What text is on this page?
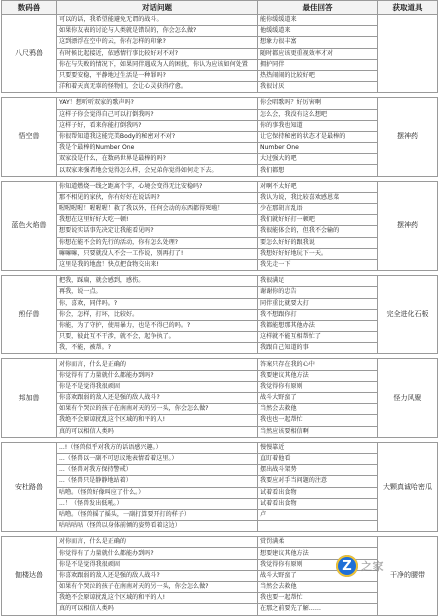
数码兽	对话问题	最佳回答	获取道具
八尺鸦兽	可以的话，我希望能避免无谓的战斗。	能你缓缓道来	
	如果你友表的讨论与人类就是错误的，你会怎么做?	他缓缓道来	
	这到漂浮在空中的云，你有怎样的印象?	想象力很丰富	
	有时候比起接近，依感情行事比较好对不对?	随时都应该更重视效率才对	
	你在与失败的情况下，如果同伴遇成为人的困扰，你认为应该如何处置	拥护同伴	
	只要要安稳，平静地过生活是一种罪吗?	热热闹闹的比较好吧	
	洋和着天真无辜的怪物们，会让心灵获得疗愈。	我很讨厌	

悟空兽	YAY！想听听双家的歌声吗?	你会唱歌吗？好厉害啊	摆神药
	这样子你会觉得自己可以打倒我吗?	怎么会，我没有这么想吧	
	这样子好，看来你能打倒我吗?	你的事我也知道	
	你很帮知道我这能完美Body的秘密对不对?	让它保持秘密的状态才是最棒的	
	我是个最棒的Number One	Number One	
	双家没是什么，在数码世界是最棒的吗?	大过强大的吧	
	以双家来强者地会觉得怎么样，会兄弟你觉得如何走下去。	我们都想	

蓝色火焰兽	你知道燃烧一线之距离个字，心境会变得无比安稳吗?	对啊不太好吧	摆神药
	那不相见的家伙，你有好好在说话吗?	我认为说，我比较喜欢感恩菜	
	喔喔喔喔！喔喔喔！救了我以外，任何会动的东西都得死啦！	少在那胡言乱语	
	我想在这里好好大吃一顿!	我们就好好打一顿吧	
	想要说实话事先决定让我能看见吗?	我很能体会的，但我不会输的	
	你想在能不会的先行的活动，你有怎么处理?	要怎么好好的跟我说	
	嘛嘛嘛，只要就没人不会一工作说，别再打了!	我想好好好地玩下一天。	
	这里是我的地盘！快点把食物交出来!	我先走一下	

煎仔兽	把我，踩扁，就会感到，感伤。	我很满足	完全进化石板
	再我，说一点。	谢谢你的忠告	
	你，喜欢，同伴吗。?	同伴重比就要大打	
	你会，怎样，打坏，比较好。	我不想跟你打	
	你能，为了守护，使用暴力，也是不得已的吗。?	我都能想那其他办法	
	只要，彼此互不干涉，就不会，起争执了。	这样就不能互相帮忙了	
	我，不能，被帮。?	我跟自己知道的事	

邦加兽	对你而言，什么是正确的	答案只存在我的心中	怪力风聚
	你觉得有了力量就什么都能办到吗?	我要建议其他方法	
	你是不是觉得我很顽固	我觉得你有原则	
	你喜欢跟弱的敌人还是强的敌人战斗?	战斗大野蛮了	
	如果有个哭泣的孩子在南南对天的另一头，你会怎么做?	当然会去救他	
	我绝不会原谅扰乱这个区域的和平的人!	我也也一起帮忙	
	真的可以相信人类吗	当然应该要相信啊	

安杜路兽	...!（怪兽似乎对我方的话语感兴趣。）	慢慢靠近	大颗真诚哈密瓜
	...（怪兽以一副不可思议地表情看着这里。）	直盯着他看	
	...（怪兽对我方保持警戒）	摆出战斗架势	
	...（怪兽只是静静地站着）	我要应对手当问题的注意	
	咕噜。（怪兽好像叫应了什么。）	试着看出食物	
	...！（怪兽发出低吼。）	试着看出食物	
	咕噜。（怪兽摇了摇头，一副打算要开打的样子）	卢	
	咕咕咕咕（怪兽以身体前倾的姿势看着这边）		

伽楼达兽	对你而言，什么是正确的	赏罚满柔	干净的腰带
	你觉得有了力量就什么都能办到吗?	想要建议其他方法	
	你是不是觉得我很顽固	我觉得你有原则	
	你喜欢跟弱的敌人还是强的敌人战斗?	战斗大野蛮了	
	如果有个哭泣的孩子在南南对天的另一头，你会怎么做?	当然会去救他	
	我绝不会原谅扰乱这个区域的和平的人!	我也要一起帮忙	
	真的可以相信人类吗	在那之前要先了解……	
Z 之家
